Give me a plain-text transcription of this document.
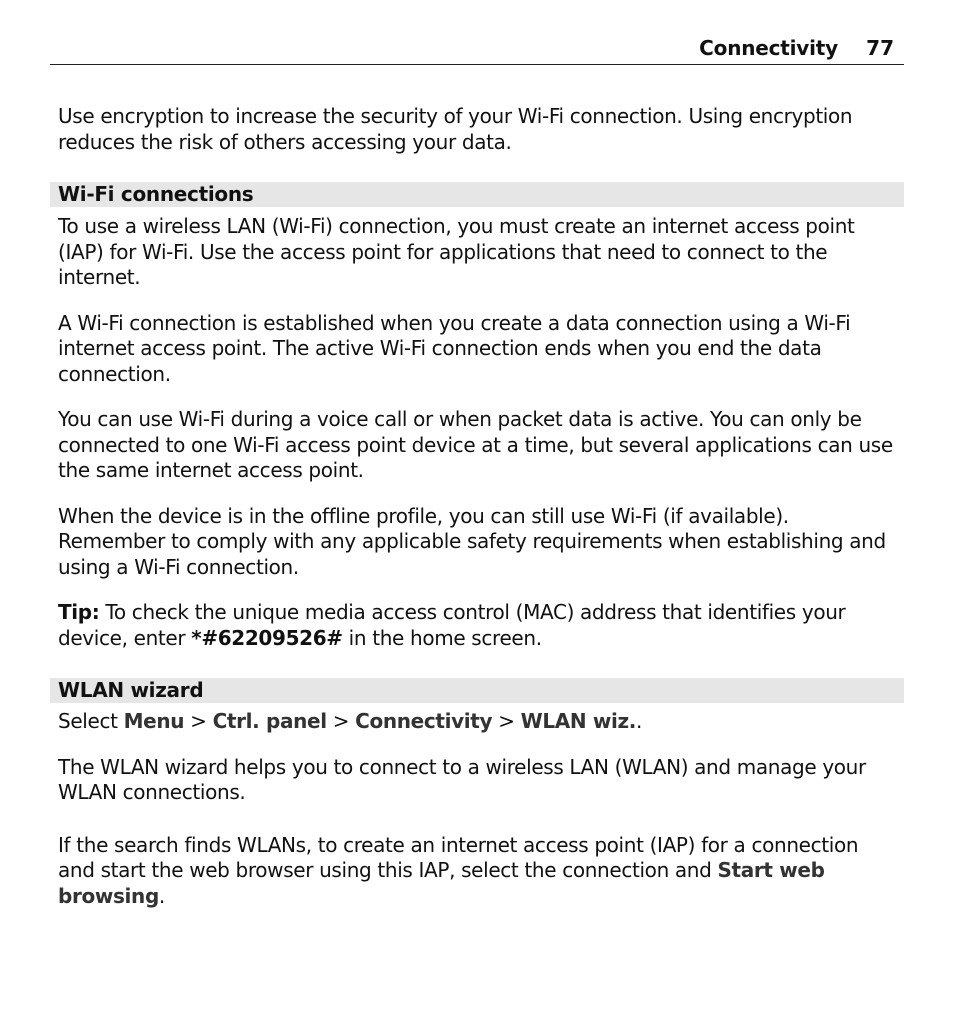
Connectivity 77

Use encryption to increase the security of your Wi-Fi connection. Using encryption reduces the risk of others accessing your data.

Wi-Fi connections

To use a wireless LAN (Wi-Fi) connection, you must create an internet access point (IAP) for Wi-Fi. Use the access point for applications that need to connect to the internet.

A Wi-Fi connection is established when you create a data connection using a Wi-Fi internet access point. The active Wi-Fi connection ends when you end the data connection.

You can use Wi-Fi during a voice call or when packet data is active. You can only be connected to one Wi-Fi access point device at a time, but several applications can use the same internet access point.

When the device is in the offline profile, you can still use Wi-Fi (if available). Remember to comply with any applicable safety requirements when establishing and using a Wi-Fi connection.

Tip: To check the unique media access control (MAC) address that identifies your device, enter *#62209526# in the home screen.

WLAN wizard

Select Menu > Ctrl. panel > Connectivity > WLAN wiz..

The WLAN wizard helps you to connect to a wireless LAN (WLAN) and manage your WLAN connections.

If the search finds WLANs, to create an internet access point (IAP) for a connection and start the web browser using this IAP, select the connection and Start web browsing.
